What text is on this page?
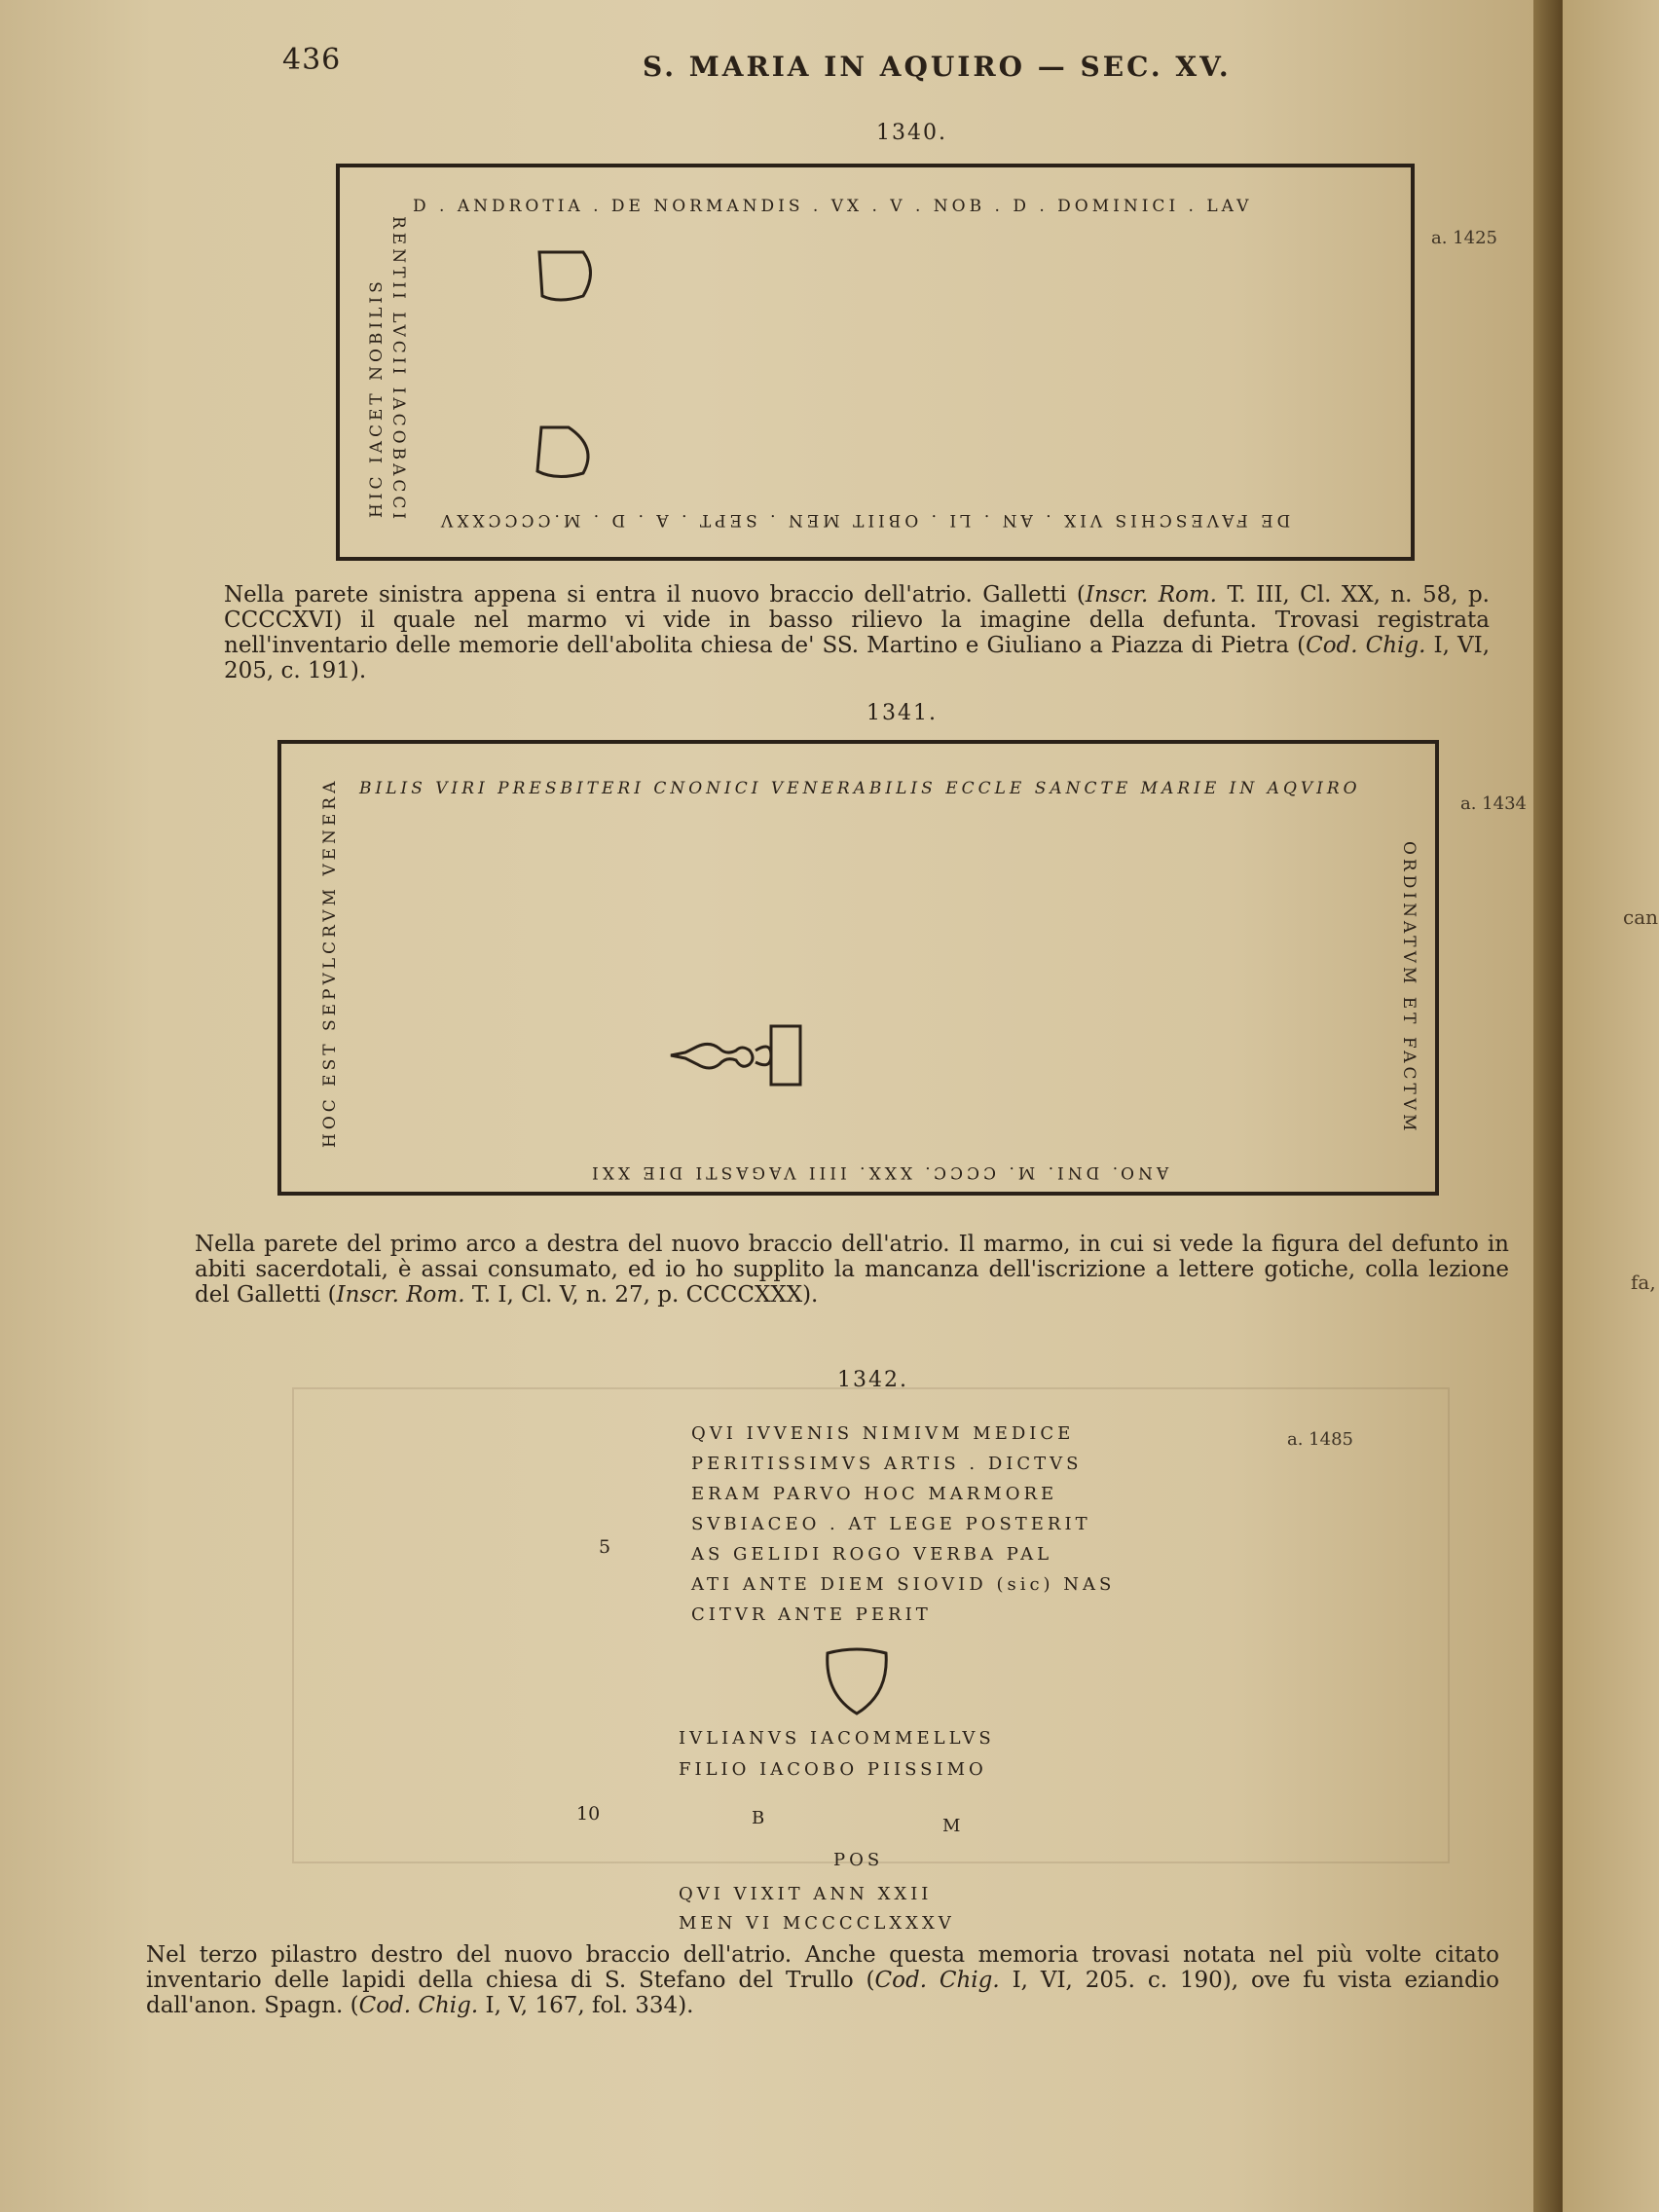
can
fa,
436	S. MARIA IN AQUIRO — SEC. XV.
1340.
a. 1425
D . ANDROTIA . DE NORMANDIS . VX . V . NOB . D . DOMINICI . LAV
RENTII LVCII IACOBACCI DE FAVESCHIS VIX . AN . LI . OBIIT MEN . SEPT . A . D . M.CCCCXXV
HIC IACET NOBILIS

Nella parete sinistra appena si entra il nuovo braccio dell'atrio. Galletti (Inscr. Rom. T. III, Cl. XX, n. 58, p. CCCCXVI) il quale nel marmo vi vide in basso rilievo la imagine della defunta. Trovasi registrata nell'inventario delle memorie dell'abolita chiesa de' SS. Martino e Giuliano a Piazza di Pietra (Cod. Chig. I, VI, 205, c. 191).

1341.
a. 1434
BILIS VIRI PRESBITERI CNONICI VENERABILIS ECCLE SANCTE MARIE IN AQVIRO
ORDINATVM ET FACTVM
ANO. DNI. M. CCCC. XXX. IIII VAGASTI DIE XXI
HOC EST SEPVLCRVM VENERA

Nella parete del primo arco a destra del nuovo braccio dell'atrio. Il marmo, in cui si vede la figura del defunto in abiti sacerdotali, è assai consumato, ed io ho supplito la mancanza dell'iscrizione a lettere gotiche, colla lezione del Galletti (Inscr. Rom. T. I, Cl. V, n. 27, p. CCCCXXX).

1342.
a. 1485
QVI IVVENIS NIMIVM MEDICE
PERITISSIMVS ARTIS . DICTVS
ERAM PARVO HOC MARMORE
SVBIACEO . AT LEGE POSTERIT
AS GELIDI ROGO VERBA PAL
ATI ANTE DIEM SIOVID (sic) NAS
CITVR ANTE PERIT
5
IVLIANVS IACOMMELLVS
FILIO IACOBO PIISSIMO
10	B	M
POS
QVI VIXIT ANN XXII
MEN VI MCCCCLXXXV

Nel terzo pilastro destro del nuovo braccio dell'atrio. Anche questa memoria trovasi notata nel più volte citato inventario delle lapidi della chiesa di S. Stefano del Trullo (Cod. Chig. I, VI, 205. c. 190), ove fu vista eziandio dall'anon. Spagn. (Cod. Chig. I, V, 167, fol. 334).
